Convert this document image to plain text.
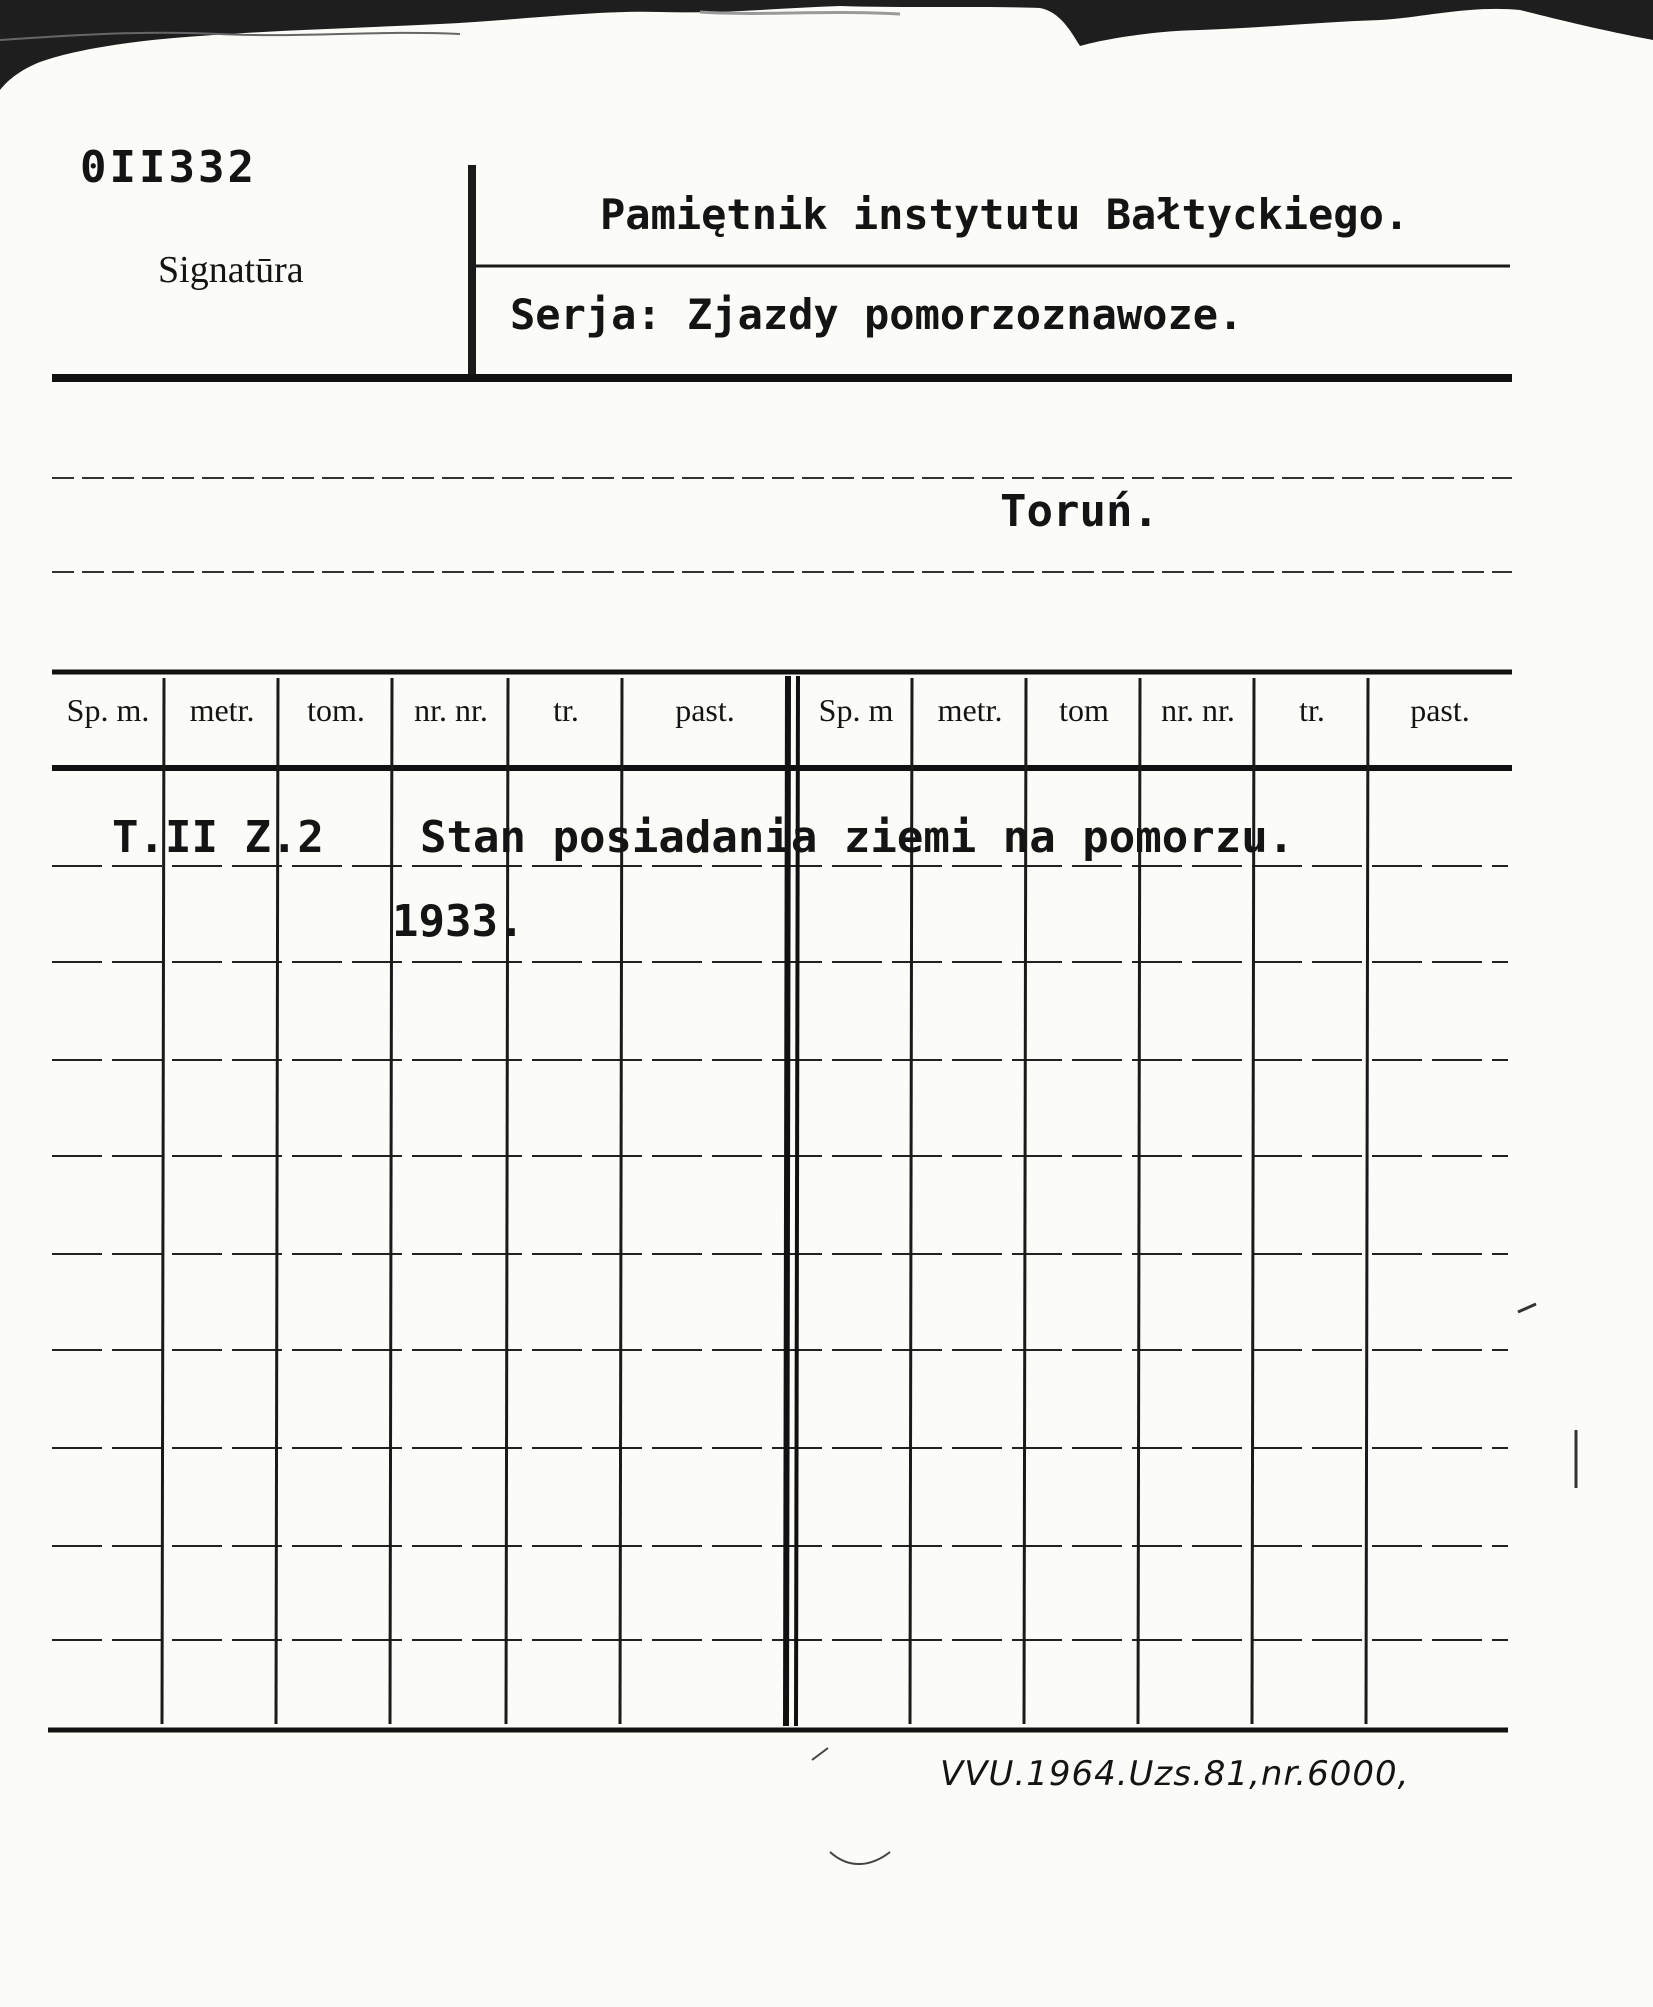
0II332
Signatūra
Pamiętnik instytutu Bałtyckiego.
Serja: Zjazdy pomorzoznawoze.
Toruń.
Sp. m.	metr.	tom.	nr. nr.	tr.	past.	Sp. m	metr.	tom	nr. nr.	tr.	past.
T.II Z.2 Stan posiadania ziemi na pomorzu.
1933.
VVU.1964.Uzs.81,nr.6000,
